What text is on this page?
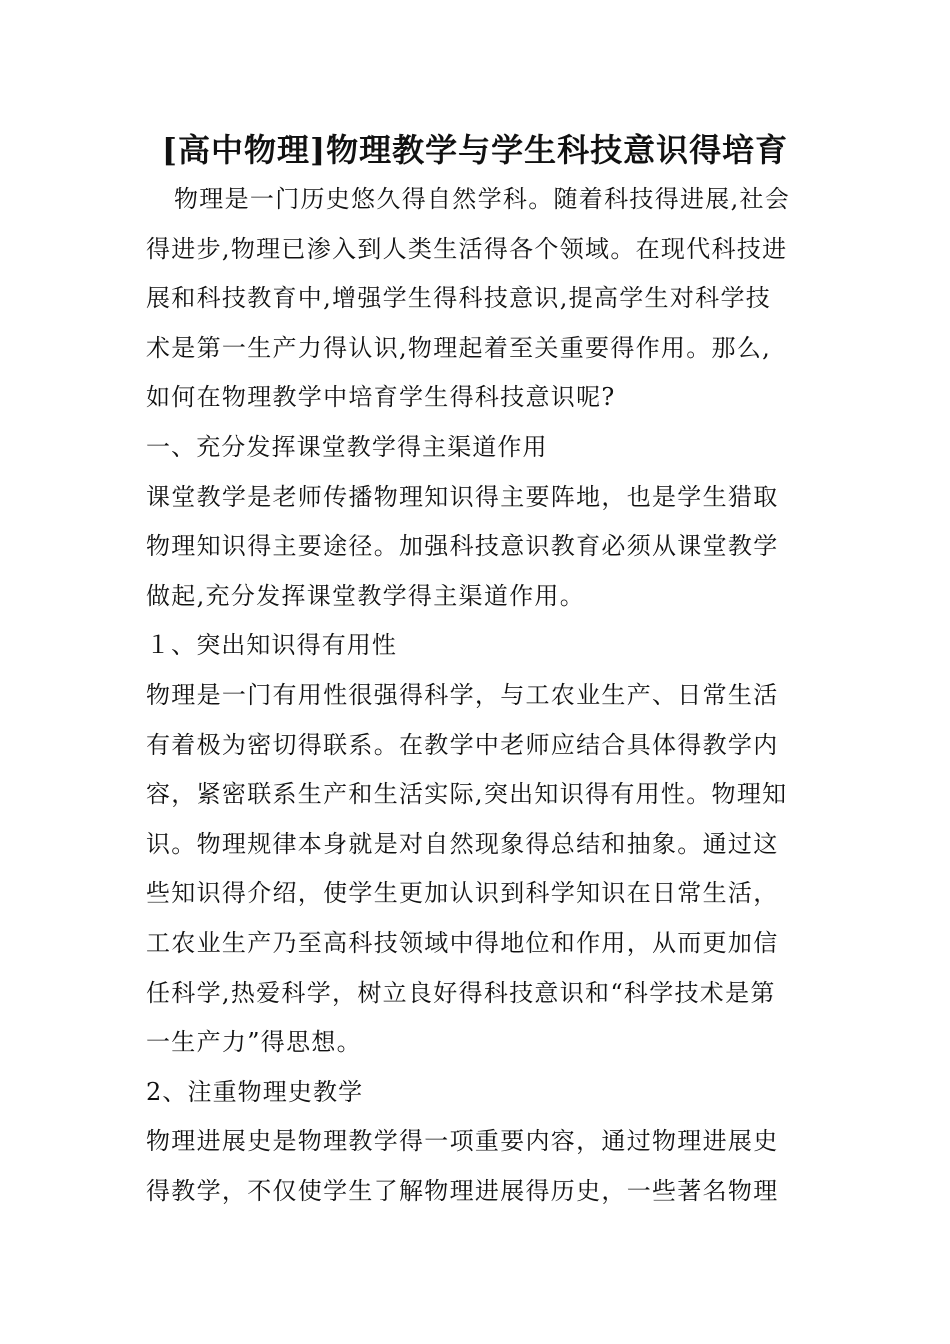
[高中物理]物理教学与学生科技意识得培育
物理是一门历史悠久得自然学科。随着科技得进展,社会
得进步,物理已渗入到人类生活得各个领域。在现代科技进
展和科技教育中,增强学生得科技意识,提高学生对科学技
术是第一生产力得认识,物理起着至关重要得作用。那么,
如何在物理教学中培育学生得科技意识呢?
一、充分发挥课堂教学得主渠道作用
课堂教学是老师传播物理知识得主要阵地，也是学生猎取
物理知识得主要途径。加强科技意识教育必须从课堂教学
做起,充分发挥课堂教学得主渠道作用。
１、突出知识得有用性
物理是一门有用性很强得科学，与工农业生产、日常生活
有着极为密切得联系。在教学中老师应结合具体得教学内
容，紧密联系生产和生活实际,突出知识得有用性。物理知
识。物理规律本身就是对自然现象得总结和抽象。通过这
些知识得介绍，使学生更加认识到科学知识在日常生活，
工农业生产乃至高科技领域中得地位和作用，从而更加信
任科学,热爱科学，树立良好得科技意识和“科学技术是第
一生产力”得思想。
2、注重物理史教学
物理进展史是物理教学得一项重要内容，通过物理进展史
得教学，不仅使学生了解物理进展得历史，一些著名物理
